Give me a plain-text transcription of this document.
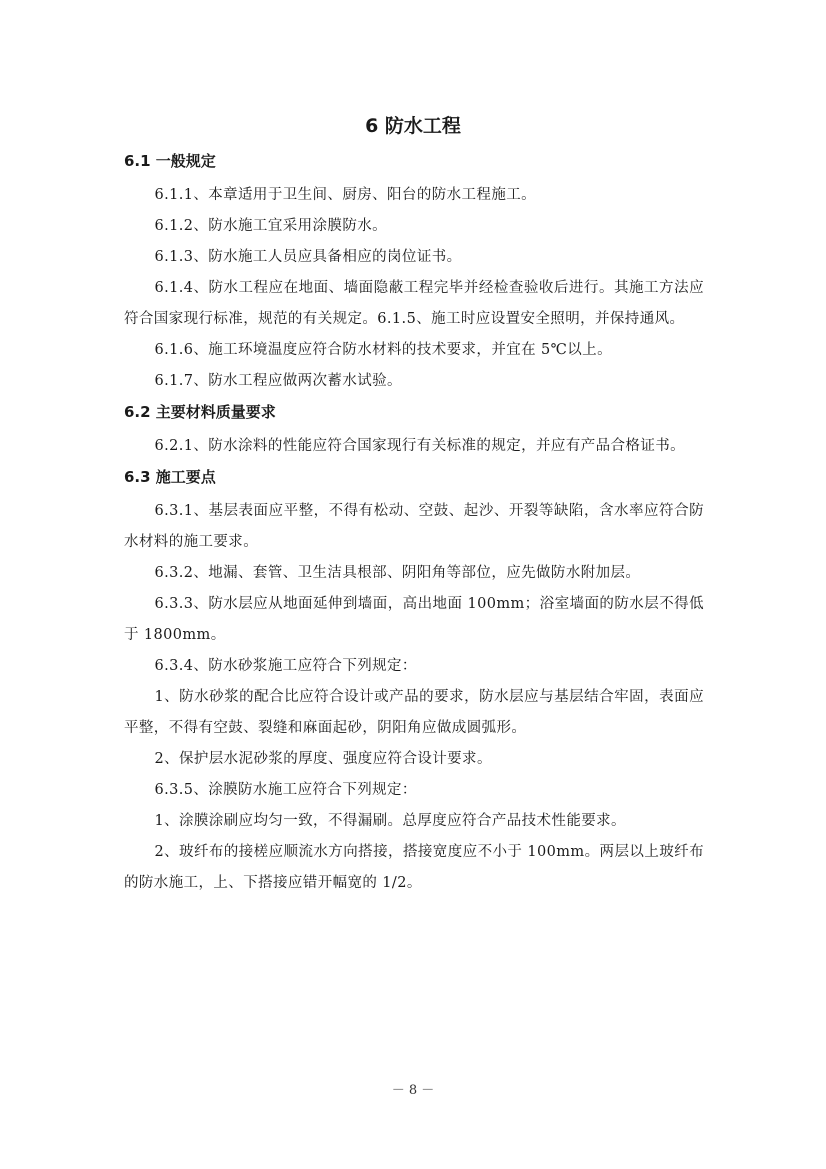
6 防水工程
6.1 一般规定

6.1.1、本章适用于卫生间、厨房、阳台的防水工程施工。

6.1.2、防水施工宜采用涂膜防水。

6.1.3、防水施工人员应具备相应的岗位证书。

6.1.4、防水工程应在地面、墙面隐蔽工程完毕并经检查验收后进行。其施工方法应符合国家现行标准，规范的有关规定。6.1.5、施工时应设置安全照明，并保持通风。

6.1.6、施工环境温度应符合防水材料的技术要求，并宜在 5℃以上。

6.1.7、防水工程应做两次蓄水试验。

6.2 主要材料质量要求

6.2.1、防水涂料的性能应符合国家现行有关标准的规定，并应有产品合格证书。

6.3 施工要点

6.3.1、基层表面应平整，不得有松动、空鼓、起沙、开裂等缺陷，含水率应符合防水材料的施工要求。

6.3.2、地漏、套管、卫生洁具根部、阴阳角等部位，应先做防水附加层。

6.3.3、防水层应从地面延伸到墙面，高出地面 100mm；浴室墙面的防水层不得低于 1800mm。

6.3.4、防水砂浆施工应符合下列规定：

1、防水砂浆的配合比应符合设计或产品的要求，防水层应与基层结合牢固，表面应平整，不得有空鼓、裂缝和麻面起砂，阴阳角应做成圆弧形。

2、保护层水泥砂浆的厚度、强度应符合设计要求。

6.3.5、涂膜防水施工应符合下列规定：

1、涂膜涂刷应均匀一致，不得漏刷。总厚度应符合产品技术性能要求。

2、玻纤布的接槎应顺流水方向搭接，搭接宽度应不小于 100mm。两层以上玻纤布的防水施工，上、下搭接应错开幅宽的 1/2。

－ 8 －
